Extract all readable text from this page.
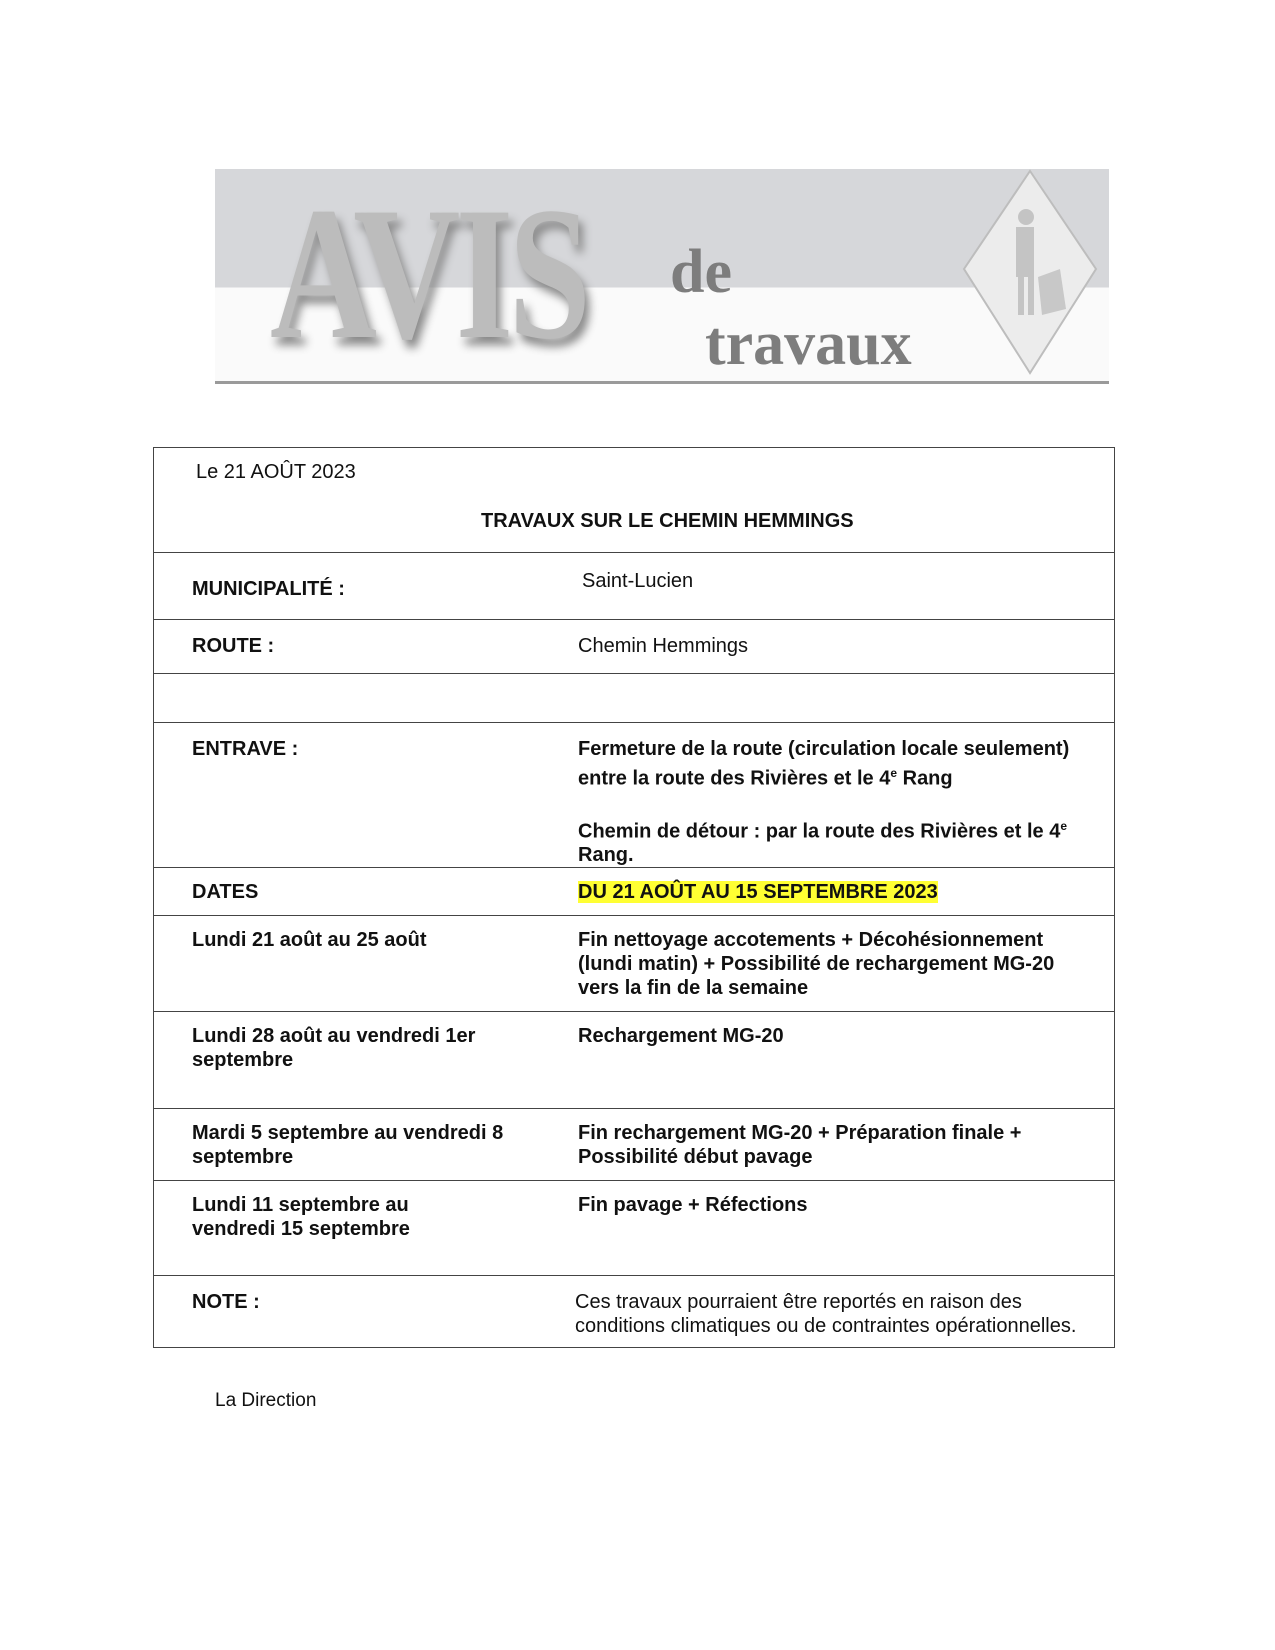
AVIS de
travaux
Le 21 AOÛT 2023
TRAVAUX SUR LE CHEMIN HEMMINGS	

MUNICIPALITÉ :	Saint-Lucien
ROUTE :	Chemin Hemmings

ENTRAVE :	Fermeture de la route (circulation locale seulement) entre la route des Rivières et le 4e Rang
Chemin de détour : par la route des Rivières et le 4e Rang.

DATES	DU 21 AOÛT AU 15 SEPTEMBRE 2023
Lundi 21 août au 25 août	Fin nettoyage accotements + Décohésionnement (lundi matin) + Possibilité de rechargement MG-20 vers la fin de la semaine
Lundi 28 août au vendredi 1er septembre	Rechargement MG-20
Mardi 5 septembre au vendredi 8 septembre	Fin rechargement MG-20 + Préparation finale + Possibilité début pavage
Lundi 11 septembre au vendredi 15 septembre	Fin pavage + Réfections
NOTE :	Ces travaux pourraient être reportés en raison des conditions climatiques ou de contraintes opérationnelles.
La Direction
